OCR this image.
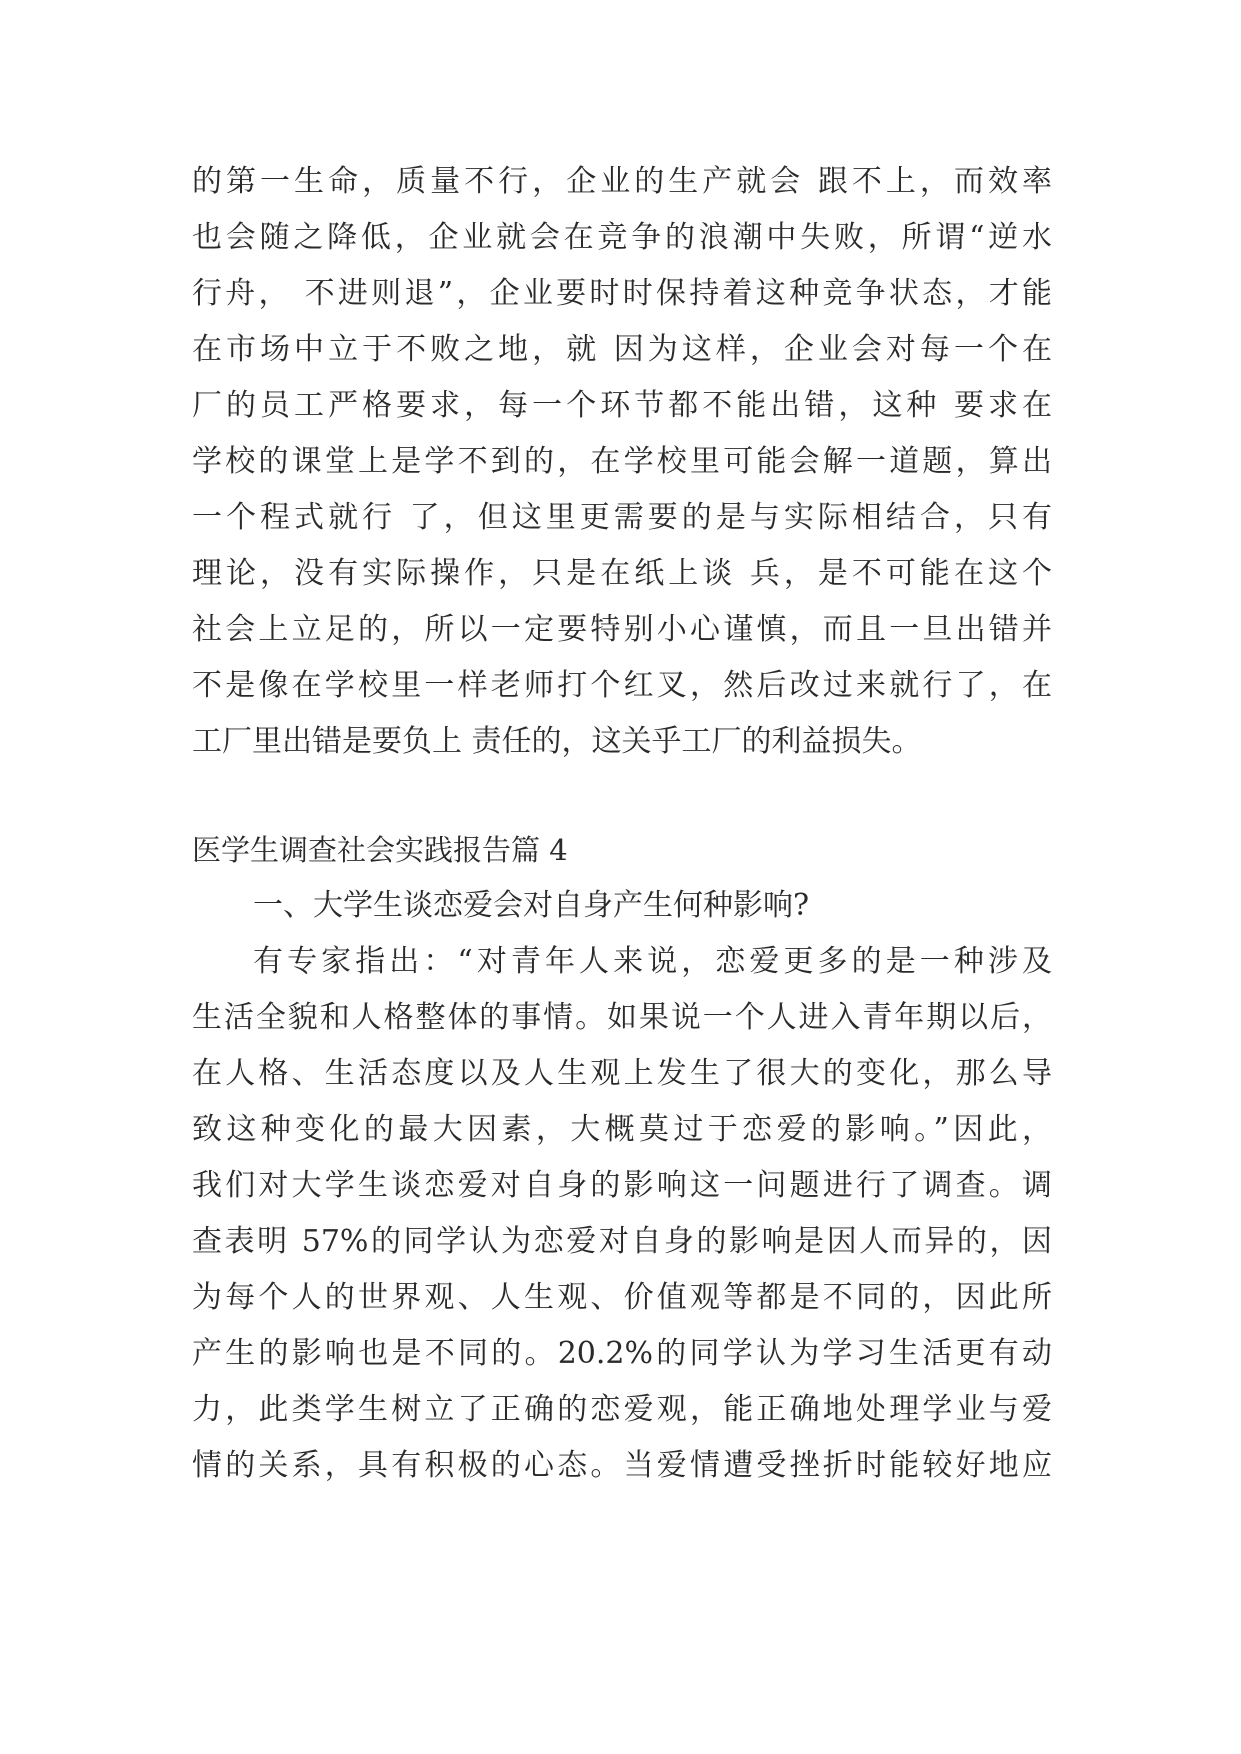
的第一生命，质量不行，企业的生产就会 跟不上，而效率
也会随之降低，企业就会在竞争的浪潮中失败，所谓“逆水
行舟， 不进则退”，企业要时时保持着这种竞争状态，才能
在市场中立于不败之地，就 因为这样，企业会对每一个在
厂的员工严格要求，每一个环节都不能出错，这种 要求在
学校的课堂上是学不到的，在学校里可能会解一道题，算出
一个程式就行 了，但这里更需要的是与实际相结合，只有
理论，没有实际操作，只是在纸上谈 兵，是不可能在这个
社会上立足的，所以一定要特别小心谨慎，而且一旦出错并
不是像在学校里一样老师打个红叉，然后改过来就行了，在
工厂里出错是要负上 责任的，这关乎工厂的利益损失。
医学生调查社会实践报告篇 4
一、大学生谈恋爱会对自身产生何种影响?
有专家指出：“对青年人来说，恋爱更多的是一种涉及
生活全貌和人格整体的事情。如果说一个人进入青年期以后，
在人格、生活态度以及人生观上发生了很大的变化，那么导
致这种变化的最大因素，大概莫过于恋爱的影响。”因此，
我们对大学生谈恋爱对自身的影响这一问题进行了调查。调
查表明 57%的同学认为恋爱对自身的影响是因人而异的，因
为每个人的世界观、人生观、价值观等都是不同的，因此所
产生的影响也是不同的。20.2%的同学认为学习生活更有动
力，此类学生树立了正确的恋爱观，能正确地处理学业与爱
情的关系，具有积极的心态。当爱情遭受挫折时能较好地应
